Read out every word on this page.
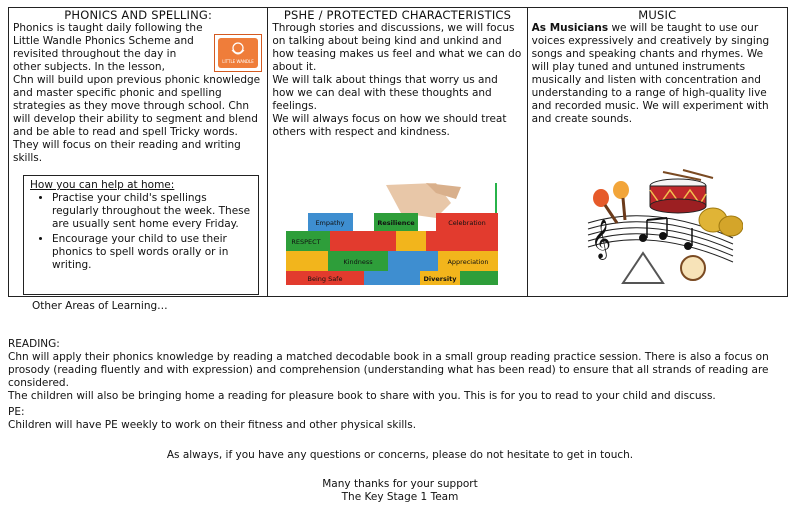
PHONICS AND SPELLING:

Phonics is taught daily following the Little Wandle Phonics Scheme and revisited throughout the day in other subjects. In the lesson,

Chn will build upon previous phonic knowledge and master specific phonic and spelling strategies as they move through school. Chn will develop their ability to segment and blend and be able to read and spell Tricky words. They will focus on their reading and writing skills.

LITTLE WANDLE

How you can help at home:

• Practise your child's spellings regularly throughout the week. These are usually sent home every Friday.
• Encourage your child to use their phonics to spell words orally or in writing.
PSHE / PROTECTED CHARACTERISTICS

Through stories and discussions, we will focus on talking about being kind and unkind and how teasing makes us feel and what we can do about it.

We will talk about things that worry us and how we can deal with these thoughts and feelings.

We will always focus on how we should treat others with respect and kindness.

Empathy	Resilience	Celebration
RESPECT
Kindness	Appreciation
Being Safe	Diversity
MUSIC

As Musicians we will be taught to use our voices expressively and creatively by singing songs and speaking chants and rhymes. We will play tuned and untuned instruments musically and listen with concentration and understanding to a range of high-quality live and recorded music. We will experiment with and create sounds.

𝄞

Other Areas of Learning…

READING:

Chn will apply their phonics knowledge by reading a matched decodable book in a small group reading practice session. There is also a focus on prosody (reading fluently and with expression) and comprehension (understanding what has been read) to ensure that all strands of reading are considered.

The children will also be bringing home a reading for pleasure book to share with you. This is for you to read to your child and discuss.

PE:

Children will have PE weekly to work on their fitness and other physical skills.

As always, if you have any questions or concerns, please do not hesitate to get in touch.

Many thanks for your support

The Key Stage 1 Team
